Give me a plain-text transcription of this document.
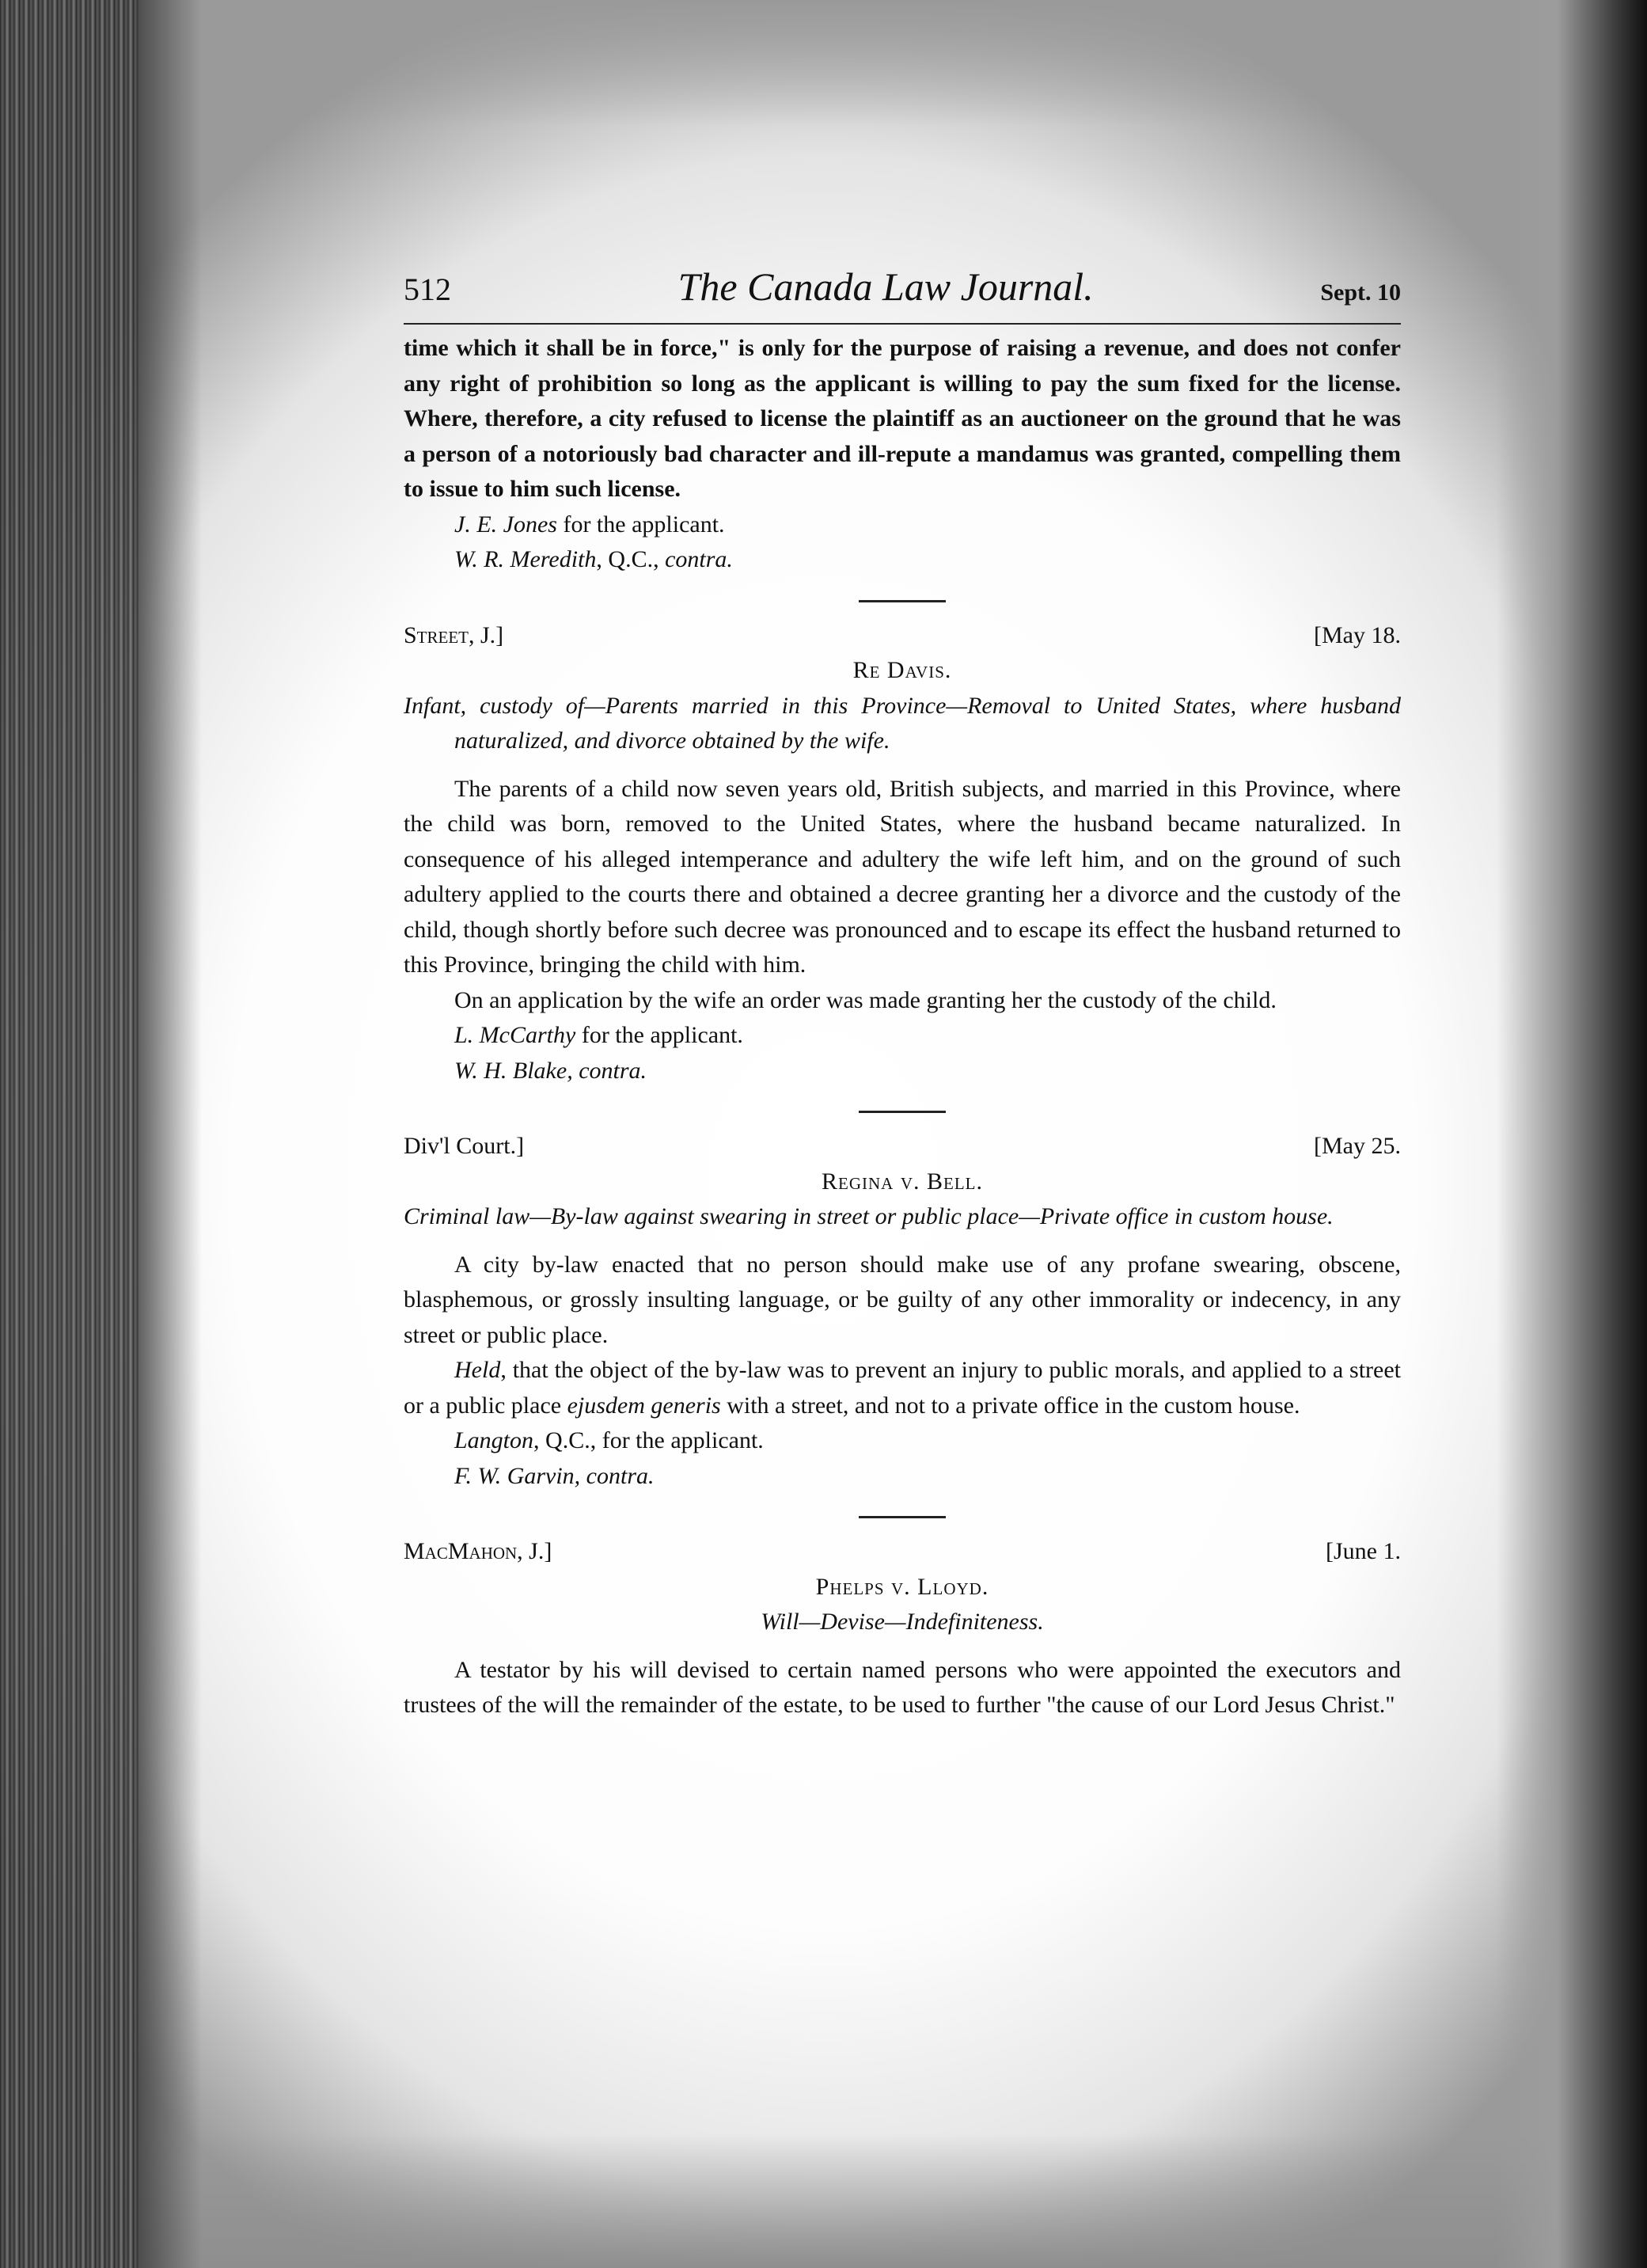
512	The Canada Law Journal.	Sept. 10

time which it shall be in force," is only for the purpose of raising a revenue, and does not confer any right of prohibition so long as the applicant is willing to pay the sum fixed for the license. Where, therefore, a city refused to license the plaintiff as an auctioneer on the ground that he was a person of a notoriously bad character and ill-repute a mandamus was granted, compelling them to issue to him such license.

J. E. Jones for the applicant.

W. R. Meredith, Q.C., contra.

Street, J.]	[May 18.
Re Davis.

Infant, custody of—Parents married in this Province—Removal to United States, where husband naturalized, and divorce obtained by the wife.

The parents of a child now seven years old, British subjects, and married in this Province, where the child was born, removed to the United States, where the husband became naturalized. In consequence of his alleged intemperance and adultery the wife left him, and on the ground of such adultery applied to the courts there and obtained a decree granting her a divorce and the custody of the child, though shortly before such decree was pronounced and to escape its effect the husband returned to this Province, bringing the child with him.

On an application by the wife an order was made granting her the custody of the child.

L. McCarthy for the applicant.

W. H. Blake, contra.

Div'l Court.]	[May 25.
Regina v. Bell.

Criminal law—By-law against swearing in street or public place—Private office in custom house.

A city by-law enacted that no person should make use of any profane swearing, obscene, blasphemous, or grossly insulting language, or be guilty of any other immorality or indecency, in any street or public place.

Held, that the object of the by-law was to prevent an injury to public morals, and applied to a street or a public place ejusdem generis with a street, and not to a private office in the custom house.

Langton, Q.C., for the applicant.

F. W. Garvin, contra.

MacMahon, J.]	[June 1.
Phelps v. Lloyd.

Will—Devise—Indefiniteness.

A testator by his will devised to certain named persons who were appointed the executors and trustees of the will the remainder of the estate, to be used to further "the cause of our Lord Jesus Christ."
